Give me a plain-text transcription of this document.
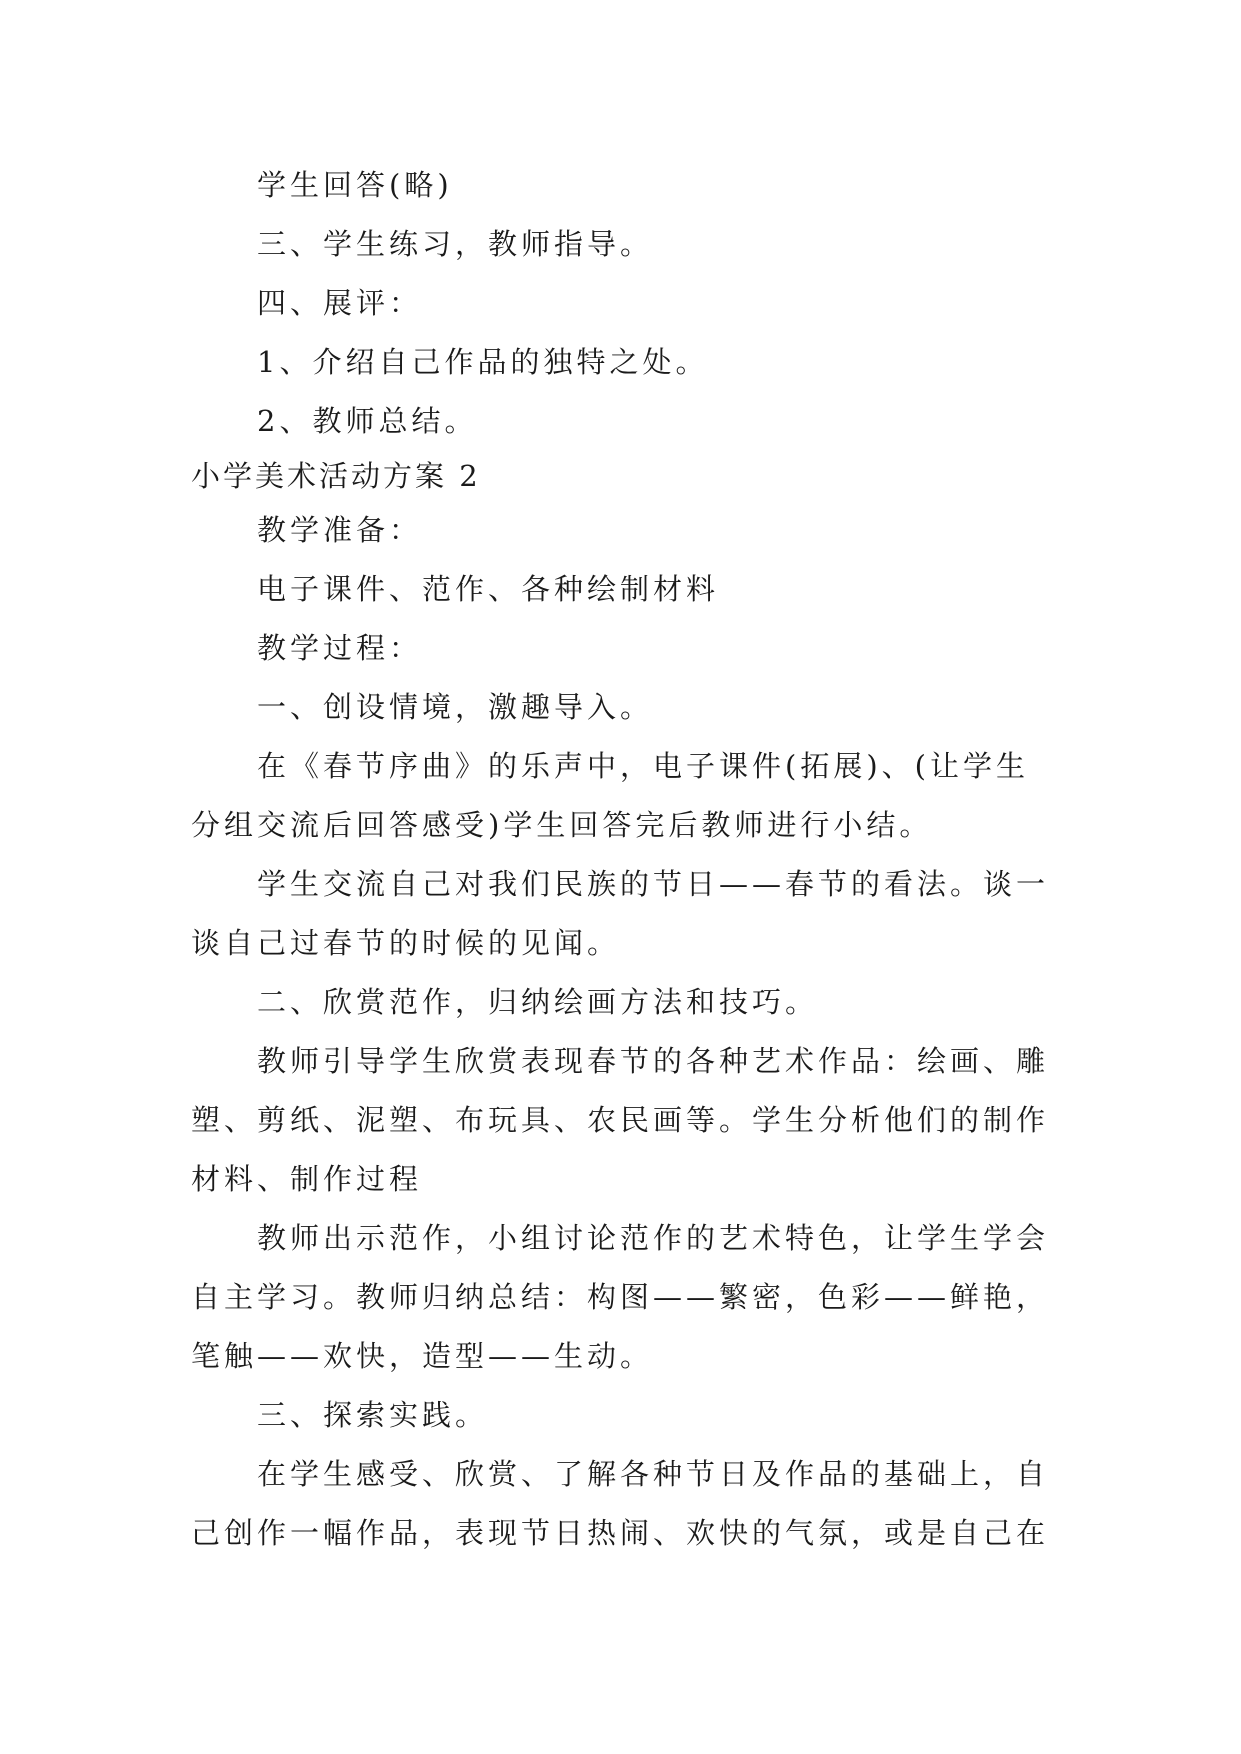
学生回答(略)

三、学生练习，教师指导。

四、展评：

1、介绍自己作品的独特之处。

2、教师总结。

小学美术活动方案 2

教学准备：

电子课件、范作、各种绘制材料

教学过程：

一、创设情境，激趣导入。

在《春节序曲》的乐声中，电子课件(拓展)、(让学生分组交流后回答感受)学生回答完后教师进行小结。

学生交流自己对我们民族的节日——春节的看法。谈一谈自己过春节的时候的见闻。

二、欣赏范作，归纳绘画方法和技巧。

教师引导学生欣赏表现春节的各种艺术作品：绘画、雕塑、剪纸、泥塑、布玩具、农民画等。学生分析他们的制作材料、制作过程

教师出示范作，小组讨论范作的艺术特色，让学生学会自主学习。教师归纳总结：构图——繁密，色彩——鲜艳，笔触——欢快，造型——生动。

三、探索实践。

在学生感受、欣赏、了解各种节日及作品的基础上，自己创作一幅作品，表现节日热闹、欢快的气氛，或是自己在
